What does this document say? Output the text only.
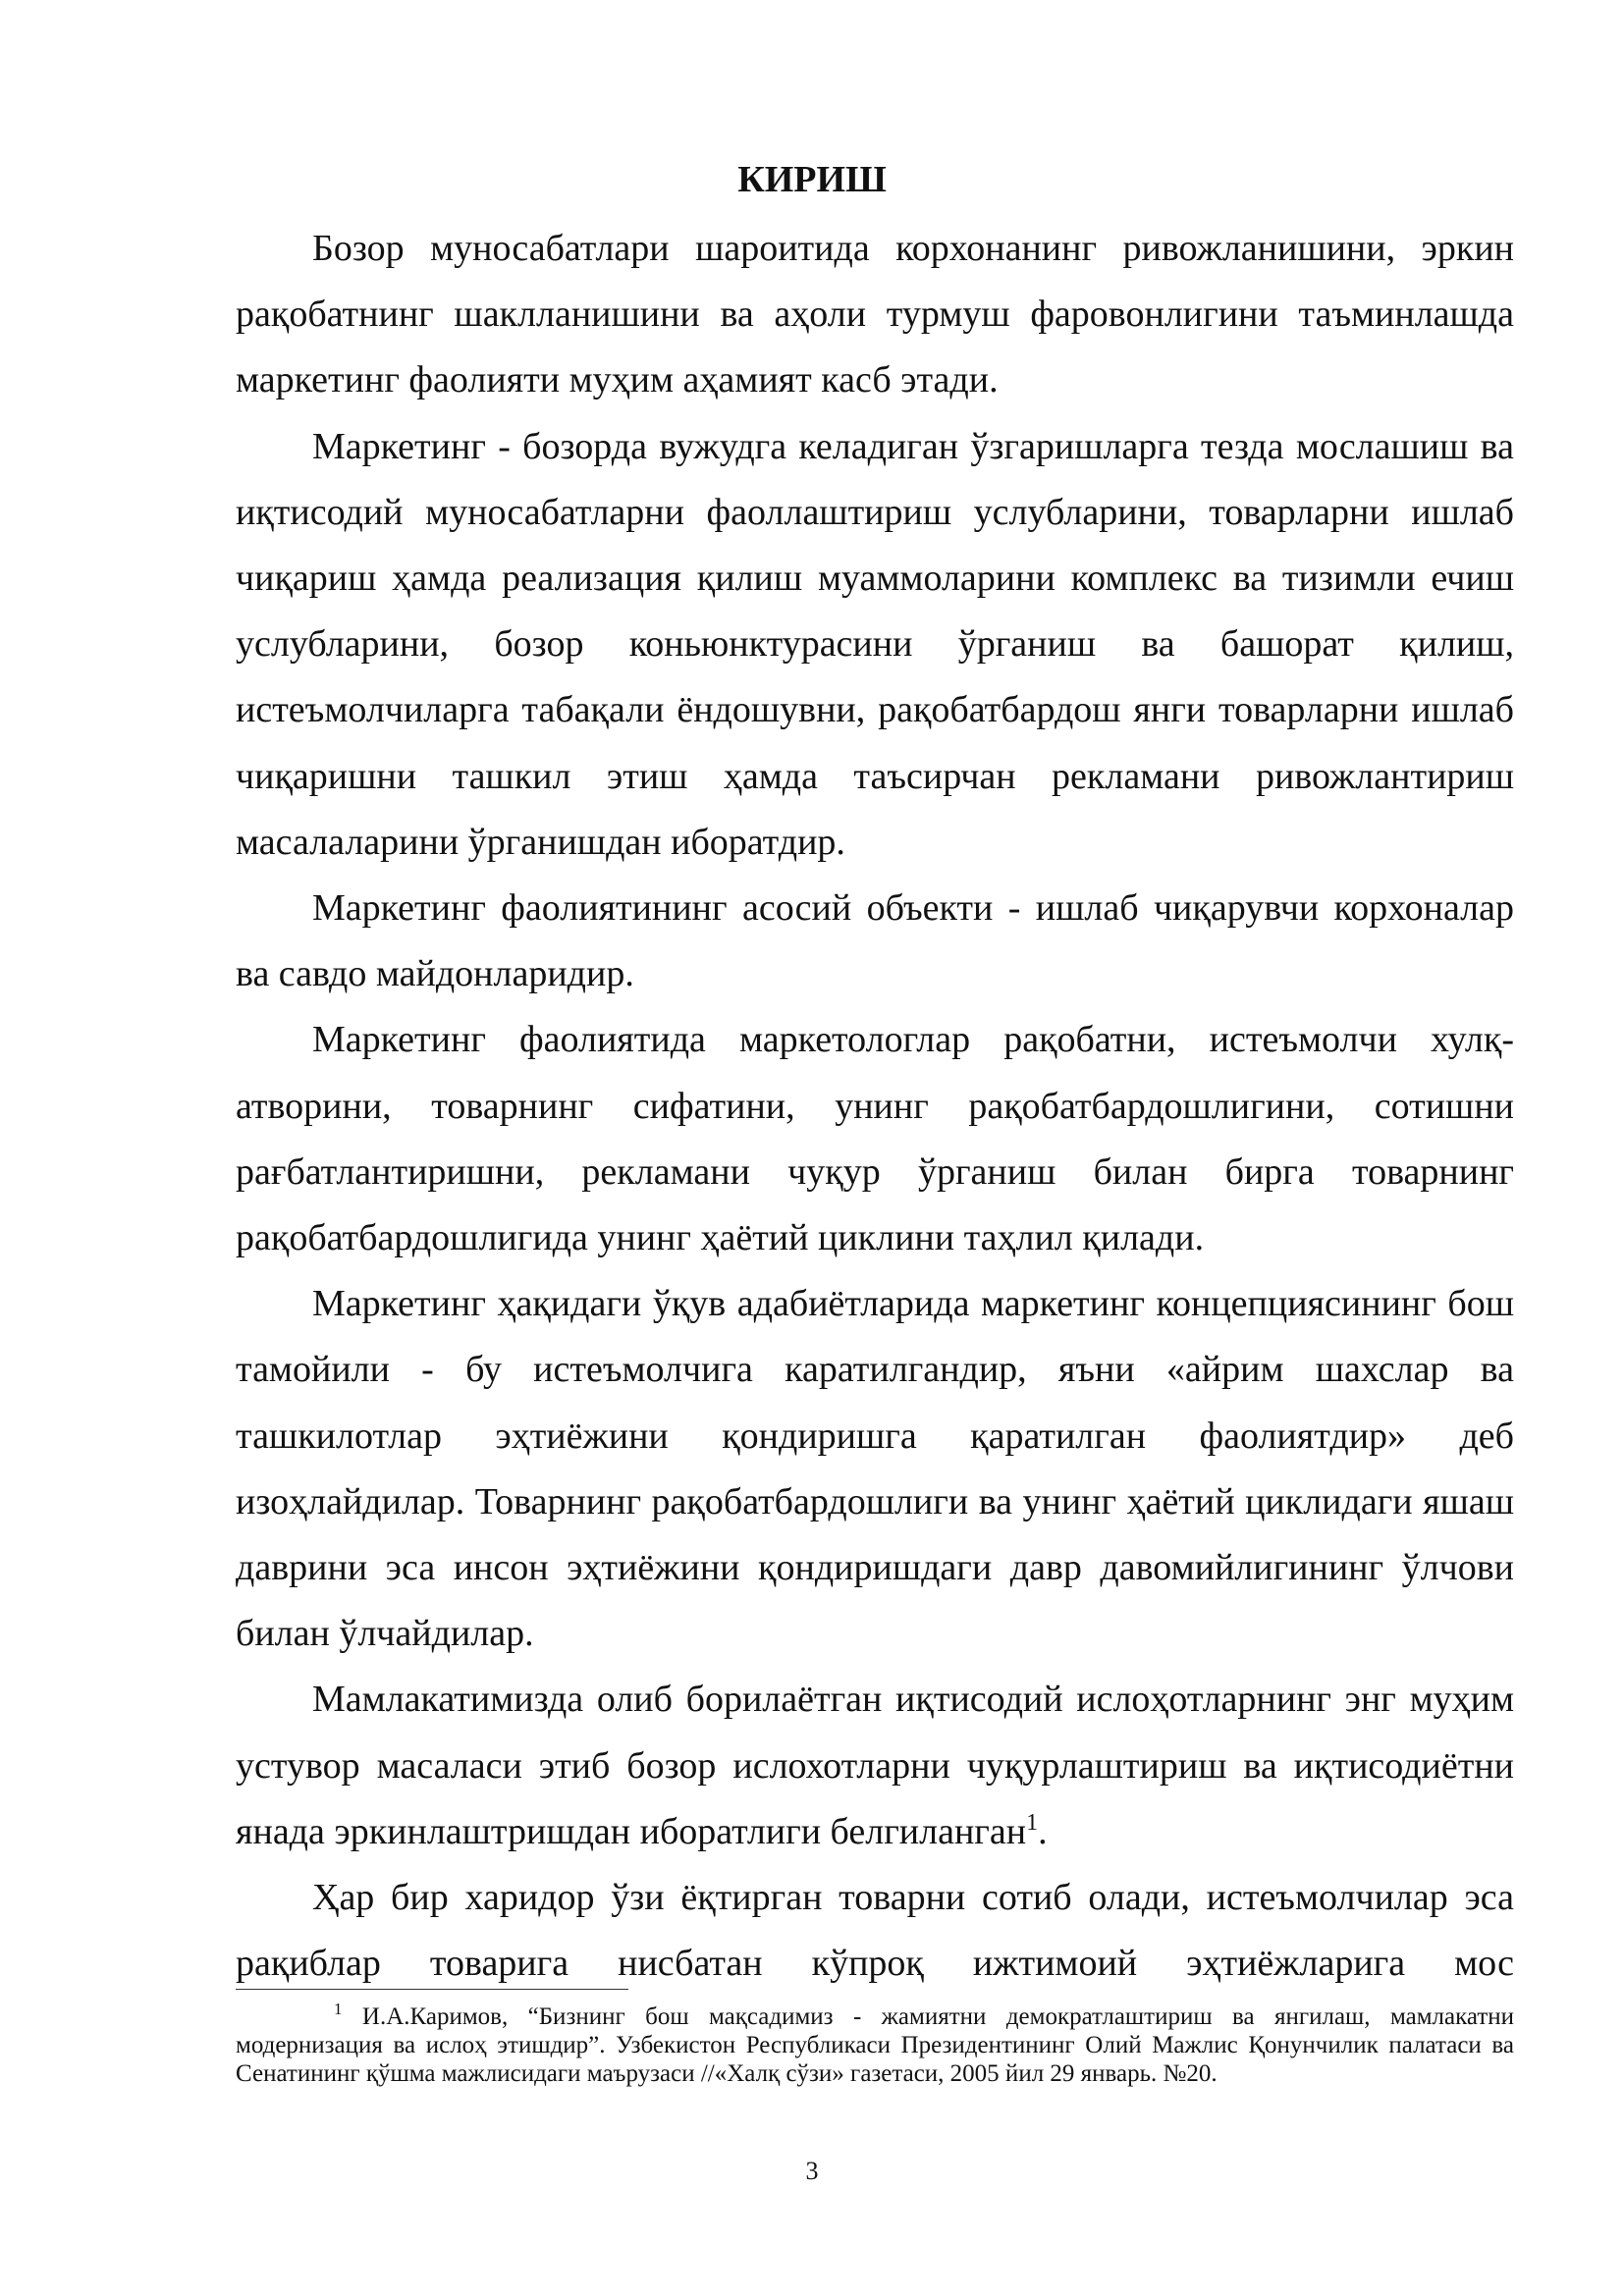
КИРИШ

Бозор муносабатлари шароитида корхонанинг ривожланишини, эркин рақобатнинг шаклланишини ва аҳоли турмуш фаровонлигини таъминлашда маркетинг фаолияти муҳим аҳамият касб этади.

Маркетинг - бозорда вужудга келадиган ўзгаришларга тезда мослашиш ва иқтисодий муносабатларни фаоллаштириш услубларини, товарларни ишлаб чиқариш ҳамда реализация қилиш муаммоларини комплекс ва тизимли ечиш услубларини, бозор коньюнктурасини ўрганиш ва башорат қилиш, истеъмолчиларга табақали ёндошувни, рақобатбардош янги товарларни ишлаб чиқаришни ташкил этиш ҳамда таъсирчан рекламани ривожлантириш масалаларини ўрганишдан иборатдир.

Маркетинг фаолиятининг асосий объекти - ишлаб чиқарувчи корхоналар ва савдо майдонларидир.

Маркетинг фаолиятида маркетологлар рақобатни, истеъмолчи хулқ-атворини, товарнинг сифатини, унинг рақобатбардошлигини, сотишни рағбатлантиришни, рекламани чуқур ўрганиш билан бирга товарнинг рақобатбардошлигида унинг ҳаётий циклини таҳлил қилади.

Маркетинг ҳақидаги ўқув адабиётларида маркетинг концепциясининг бош тамойили - бу истеъмолчига каратилгандир, яъни «айрим шахслар ва ташкилотлар эҳтиёжини қондиришга қаратилган фаолиятдир» деб изоҳлайдилар. Товарнинг рақобатбардошлиги ва унинг ҳаётий циклидаги яшаш даврини эса инсон эҳтиёжини қондиришдаги давр давомийлигининг ўлчови билан ўлчайдилар.

Мамлакатимизда олиб борилаётган иқтисодий ислоҳотларнинг энг муҳим устувор масаласи этиб бозор ислохотларни чуқурлаштириш ва иқтисодиётни янада эркинлаштришдан иборатлиги белгиланган$^1$.

Ҳар бир харидор ўзи ёқтирган товарни сотиб олади, истеъмолчилар эса рақиблар товарига нисбатан кўпроқ ижтимоий эҳтиёжларига мос

$^1$ И.А.Каримов, “Бизнинг бош мақсадимиз - жамиятни демократлаштириш ва янгилаш, мамлакатни модернизация ва ислоҳ этишдир”. Узбекистон Республикаси Президентининг Олий Мажлис Қонунчилик палатаси ва Сенатининг қўшма мажлисидаги маърузаси //«Халқ сўзи» газетаси, 2005 йил 29 январь. №20.
3
